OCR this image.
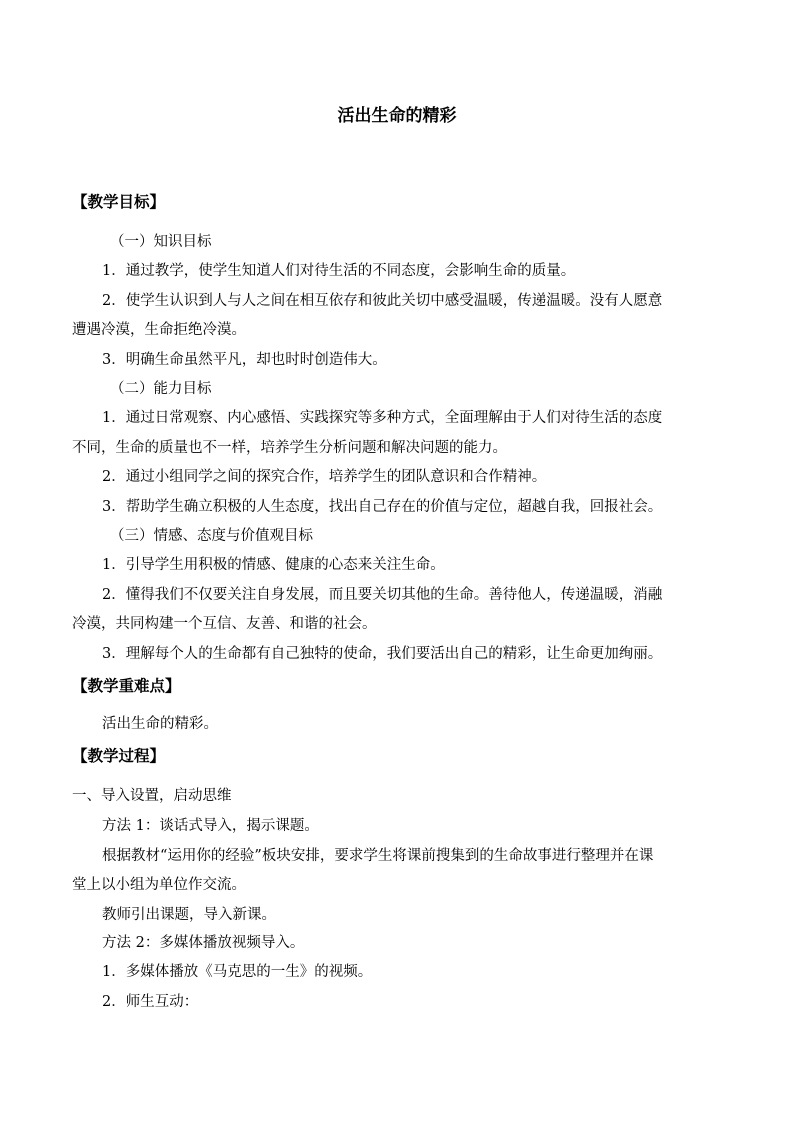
活出生命的精彩

【教学目标】

（一）知识目标

1．通过教学，使学生知道人们对待生活的不同态度，会影响生命的质量。

2．使学生认识到人与人之间在相互依存和彼此关切中感受温暖，传递温暖。没有人愿意

遭遇冷漠，生命拒绝冷漠。

3．明确生命虽然平凡，却也时时创造伟大。

（二）能力目标

1．通过日常观察、内心感悟、实践探究等多种方式，全面理解由于人们对待生活的态度

不同，生命的质量也不一样，培养学生分析问题和解决问题的能力。

2．通过小组同学之间的探究合作，培养学生的团队意识和合作精神。

3．帮助学生确立积极的人生态度，找出自己存在的价值与定位，超越自我，回报社会。

（三）情感、态度与价值观目标

1．引导学生用积极的情感、健康的心态来关注生命。

2．懂得我们不仅要关注自身发展，而且要关切其他的生命。善待他人，传递温暖，消融

冷漠，共同构建一个互信、友善、和谐的社会。

3．理解每个人的生命都有自己独特的使命，我们要活出自己的精彩，让生命更加绚丽。

【教学重难点】

活出生命的精彩。

【教学过程】

一、导入设置，启动思维

方法 1：谈话式导入，揭示课题。

根据教材“运用你的经验”板块安排，要求学生将课前搜集到的生命故事进行整理并在课

堂上以小组为单位作交流。

教师引出课题，导入新课。

方法 2：多媒体播放视频导入。

1．多媒体播放《马克思的一生》的视频。

2．师生互动：
